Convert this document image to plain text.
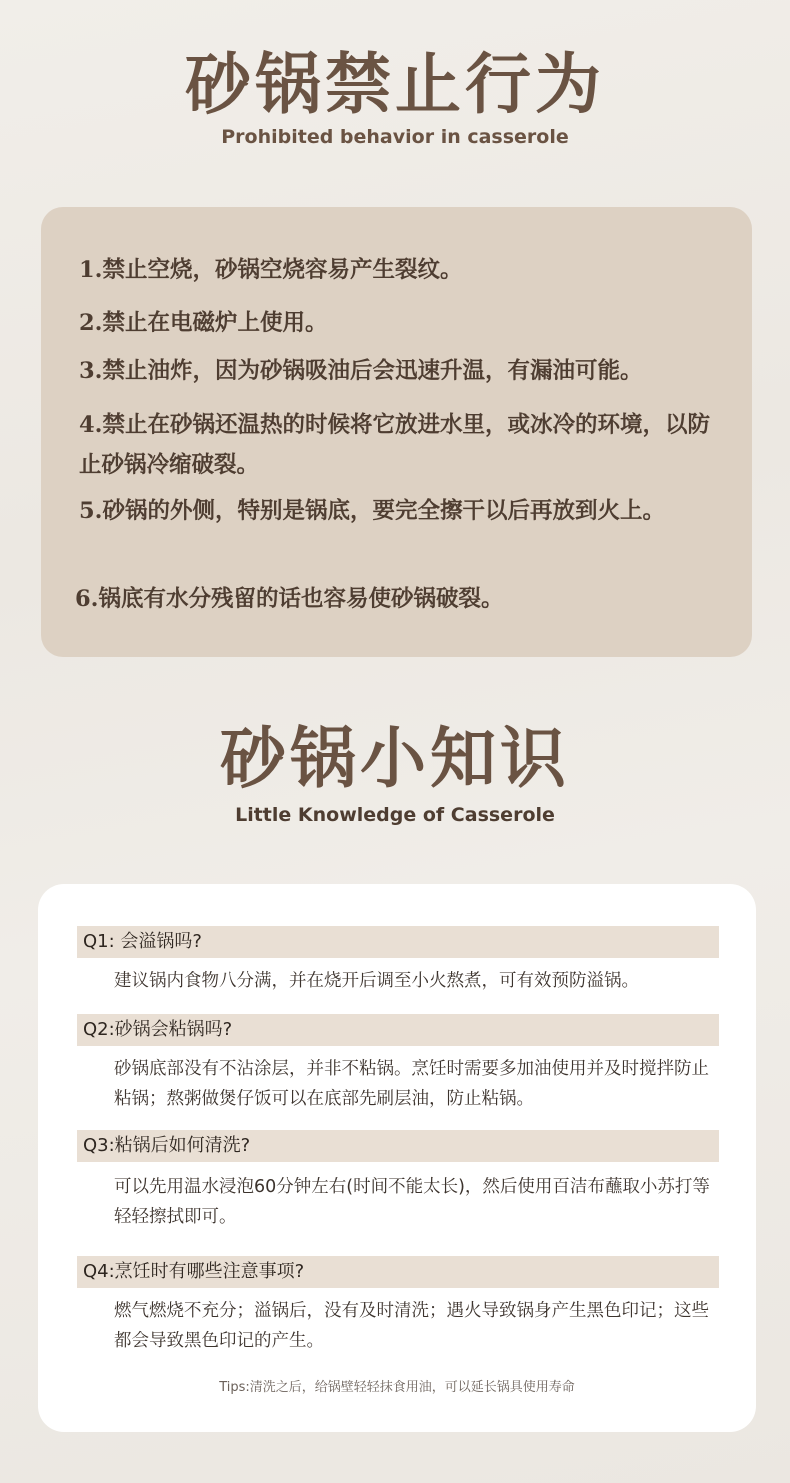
砂锅禁止行为
Prohibited behavior in casserole
1.禁止空烧，砂锅空烧容易产生裂纹。
2.禁止在电磁炉上使用。
3.禁止油炸，因为砂锅吸油后会迅速升温，有漏油可能。
4.禁止在砂锅还温热的时候将它放进水里，或冰冷的环境，以防止砂锅冷缩破裂。
5.砂锅的外侧，特别是锅底，要完全擦干以后再放到火上。
6.锅底有水分残留的话也容易使砂锅破裂。
砂锅小知识
Little Knowledge of Casserole
Q1: 会溢锅吗?
建议锅内食物八分满，并在烧开后调至小火熬煮，可有效预防溢锅。
Q2:砂锅会粘锅吗?
砂锅底部没有不沾涂层，并非不粘锅。烹饪时需要多加油使用并及时搅拌防止粘锅；熬粥做煲仔饭可以在底部先刷层油，防止粘锅。
Q3:粘锅后如何清洗?
可以先用温水浸泡60分钟左右(时间不能太长)，然后使用百洁布蘸取小苏打等轻轻擦拭即可。
Q4:烹饪时有哪些注意事项?
燃气燃烧不充分；溢锅后，没有及时清洗；遇火导致锅身产生黑色印记；这些都会导致黑色印记的产生。
Tips:清洗之后，给锅壁轻轻抹食用油，可以延长锅具使用寿命
